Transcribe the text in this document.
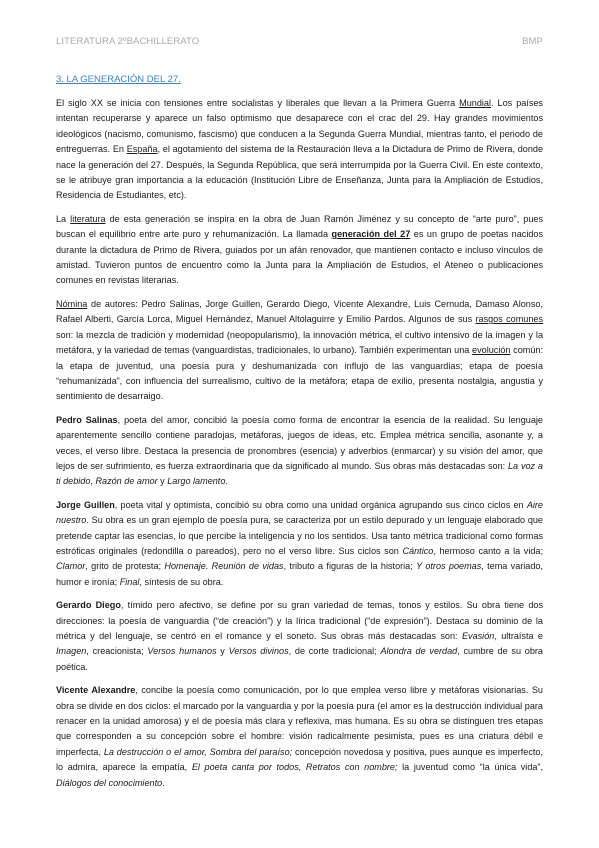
LITERATURA 2ºBACHILLERATO	BMP
3. LA GENERACIÓN DEL 27.

El siglo XX se inicia con tensiones entre socialistas y liberales que llevan a la Primera Guerra Mundial. Los países intentan recuperarse y aparece un falso optimismo que desaparece con el crac del 29. Hay grandes movimientos ideológicos (nacismo, comunismo, fascismo) que conducen a la Segunda Guerra Mundial, mientras tanto, el periodo de entreguerras. En España, el agotamiento del sistema de la Restauración lleva a la Dictadura de Primo de Rivera, donde nace la generación del 27. Después, la Segunda República, que será interrumpida por la Guerra Civil. En este contexto, se le atribuye gran importancia a la educación (Institución Libre de Enseñanza, Junta para la Ampliación de Estudios, Residencia de Estudiantes, etc).

La literatura de esta generación se inspira en la obra de Juan Ramón Jiménez y su concepto de “arte puro”, pues buscan el equilibrio entre arte puro y rehumanización. La llamada generación del 27 es un grupo de poetas nacidos durante la dictadura de Primo de Rivera, guiados por un afán renovador, que mantienen contacto e incluso vínculos de amistad. Tuvieron puntos de encuentro como la Junta para la Ampliación de Estudios, el Ateneo o publicaciones comunes en revistas literarias.

Nómina de autores: Pedro Salinas, Jorge Guillen, Gerardo Diego, Vicente Alexandre, Luis Cernuda, Damaso Alonso, Rafael Alberti, García Lorca, Miguel Hernández, Manuel Altolaguirre y Emilio Pardos. Algunos de sus rasgos comunes son: la mezcla de tradición y modernidad (neopopularismo), la innovación métrica, el cultivo intensivo de la imagen y la metáfora, y la variedad de temas (vanguardistas, tradicionales, lo urbano). También experimentan una evolución común: la etapa de juventud, una poesía pura y deshumanizada con influjo de las vanguardias; etapa de poesía “rehumanizada”, con influencia del surrealismo, cultivo de la metáfora; etapa de exilio, presenta nostalgia, angustia y sentimiento de desarraigo.

Pedro Salinas, poeta del amor, concibió la poesía como forma de encontrar la esencia de la realidad. Su lenguaje aparentemente sencillo contiene paradojas, metáforas, juegos de ideas, etc. Emplea métrica sencilla, asonante y, a veces, el verso libre. Destaca la presencia de pronombres (esencia) y adverbios (enmarcar) y su visión del amor, que lejos de ser sufrimiento, es fuerza extraordinaria que da significado al mundo. Sus obras más destacadas son: La voz a ti debido, Razón de amor y Largo lamento.

Jorge Guillen, poeta vital y optimista, concibió su obra como una unidad orgánica agrupando sus cinco ciclos en Aire nuestro. Su obra es un gran ejemplo de poesía pura, se caracteriza por un estilo depurado y un lenguaje elaborado que pretende captar las esencias, lo que percibe la inteligencia y no los sentidos. Usa tanto métrica tradicional como formas estróficas originales (redondilla o pareados), pero no el verso libre. Sus ciclos son Cántico, hermoso canto a la vida; Clamor, grito de protesta; Homenaje. Reunión de vidas, tributo a figuras de la historia; Y otros poemas, tema variado, humor e ironía; Final, síntesis de su obra.

Gerardo Diego, tímido pero afectivo, se define por su gran variedad de temas, tonos y estilos. Su obra tiene dos direcciones: la poesía de vanguardia (“de creación”) y la lírica tradicional (“de expresión”). Destaca su dominio de la métrica y del lenguaje, se centró en el romance y el soneto. Sus obras más destacadas son: Evasión, ultraísta e Imagen, creacionista; Versos humanos y Versos divinos, de corte tradicional; Alondra de verdad, cumbre de su obra poética.

Vicente Alexandre, concibe la poesía como comunicación, por lo que emplea verso libre y metáforas visionarias. Su obra se divide en dos ciclos: el marcado por la vanguardia y por la poesía pura (el amor es la destrucción individual para renacer en la unidad amorosa) y el de poesía más clara y reflexiva, mas humana. Es su obra se distinguen tres etapas que corresponden a su concepción sobre el hombre: visión radicalmente pesimista, pues es una criatura débil e imperfecta, La destrucción o el amor, Sombra del paraíso; concepción novedosa y positiva, pues aunque es imperfecto, lo admira, aparece la empatía, El poeta canta por todos, Retratos con nombre; la juventud como “la única vida”, Diálogos del conocimiento.
